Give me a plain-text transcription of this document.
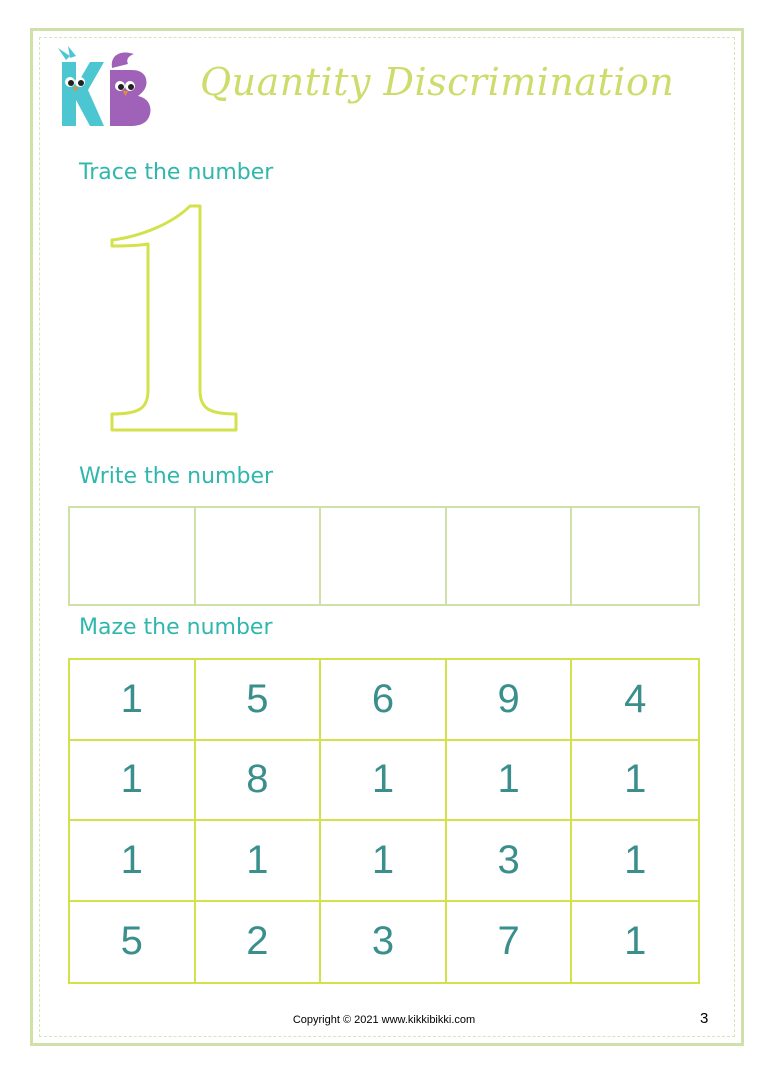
Quantity Discrimination
Trace the number
Write the number
Maze the number
1	5	6	9	4
1	8	1	1	1
1	1	1	3	1
5	2	3	7	1
Copyright © 2021 www.kikkibikki.com	3
